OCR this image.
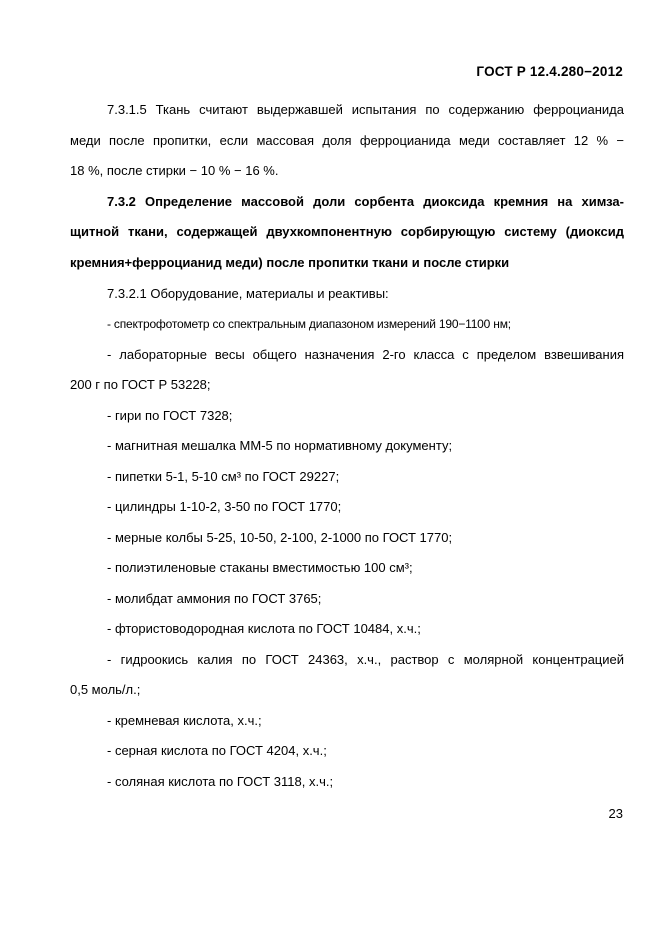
ГОСТ Р 12.4.280−2012
7.3.1.5 Ткань считают выдержавшей испытания по содержанию ферроцианида
меди после пропитки, если массовая доля ферроцианида меди составляет 12 % −
18 %, после стирки − 10 % − 16 %.
7.3.2 Определение массовой доли сорбента диоксида кремния на химза-
щитной ткани, содержащей двухкомпонентную сорбирующую систему (диоксид
кремния+ферроцианид меди) после пропитки ткани и после стирки
7.3.2.1 Оборудование, материалы и реактивы:
- спектрофотометр со спектральным диапазоном измерений 190−1100 нм;
- лабораторные весы общего назначения 2-го класса с пределом взвешивания
200 г по ГОСТ Р 53228;
- гири по ГОСТ 7328;
- магнитная мешалка ММ-5 по нормативному документу;
- пипетки 5-1, 5-10 см³ по ГОСТ 29227;
- цилиндры 1-10-2, 3-50 по ГОСТ 1770;
- мерные колбы 5-25, 10-50, 2-100, 2-1000 по ГОСТ 1770;
- полиэтиленовые стаканы вместимостью 100 см³;
- молибдат аммония по ГОСТ 3765;
- фтористоводородная кислота по ГОСТ 10484, х.ч.;
- гидроокись калия по ГОСТ 24363, х.ч., раствор с молярной концентрацией
0,5 моль/л.;
- кремневая кислота, х.ч.;
- серная кислота по ГОСТ 4204, х.ч.;
- соляная кислота по ГОСТ 3118, х.ч.;
23
